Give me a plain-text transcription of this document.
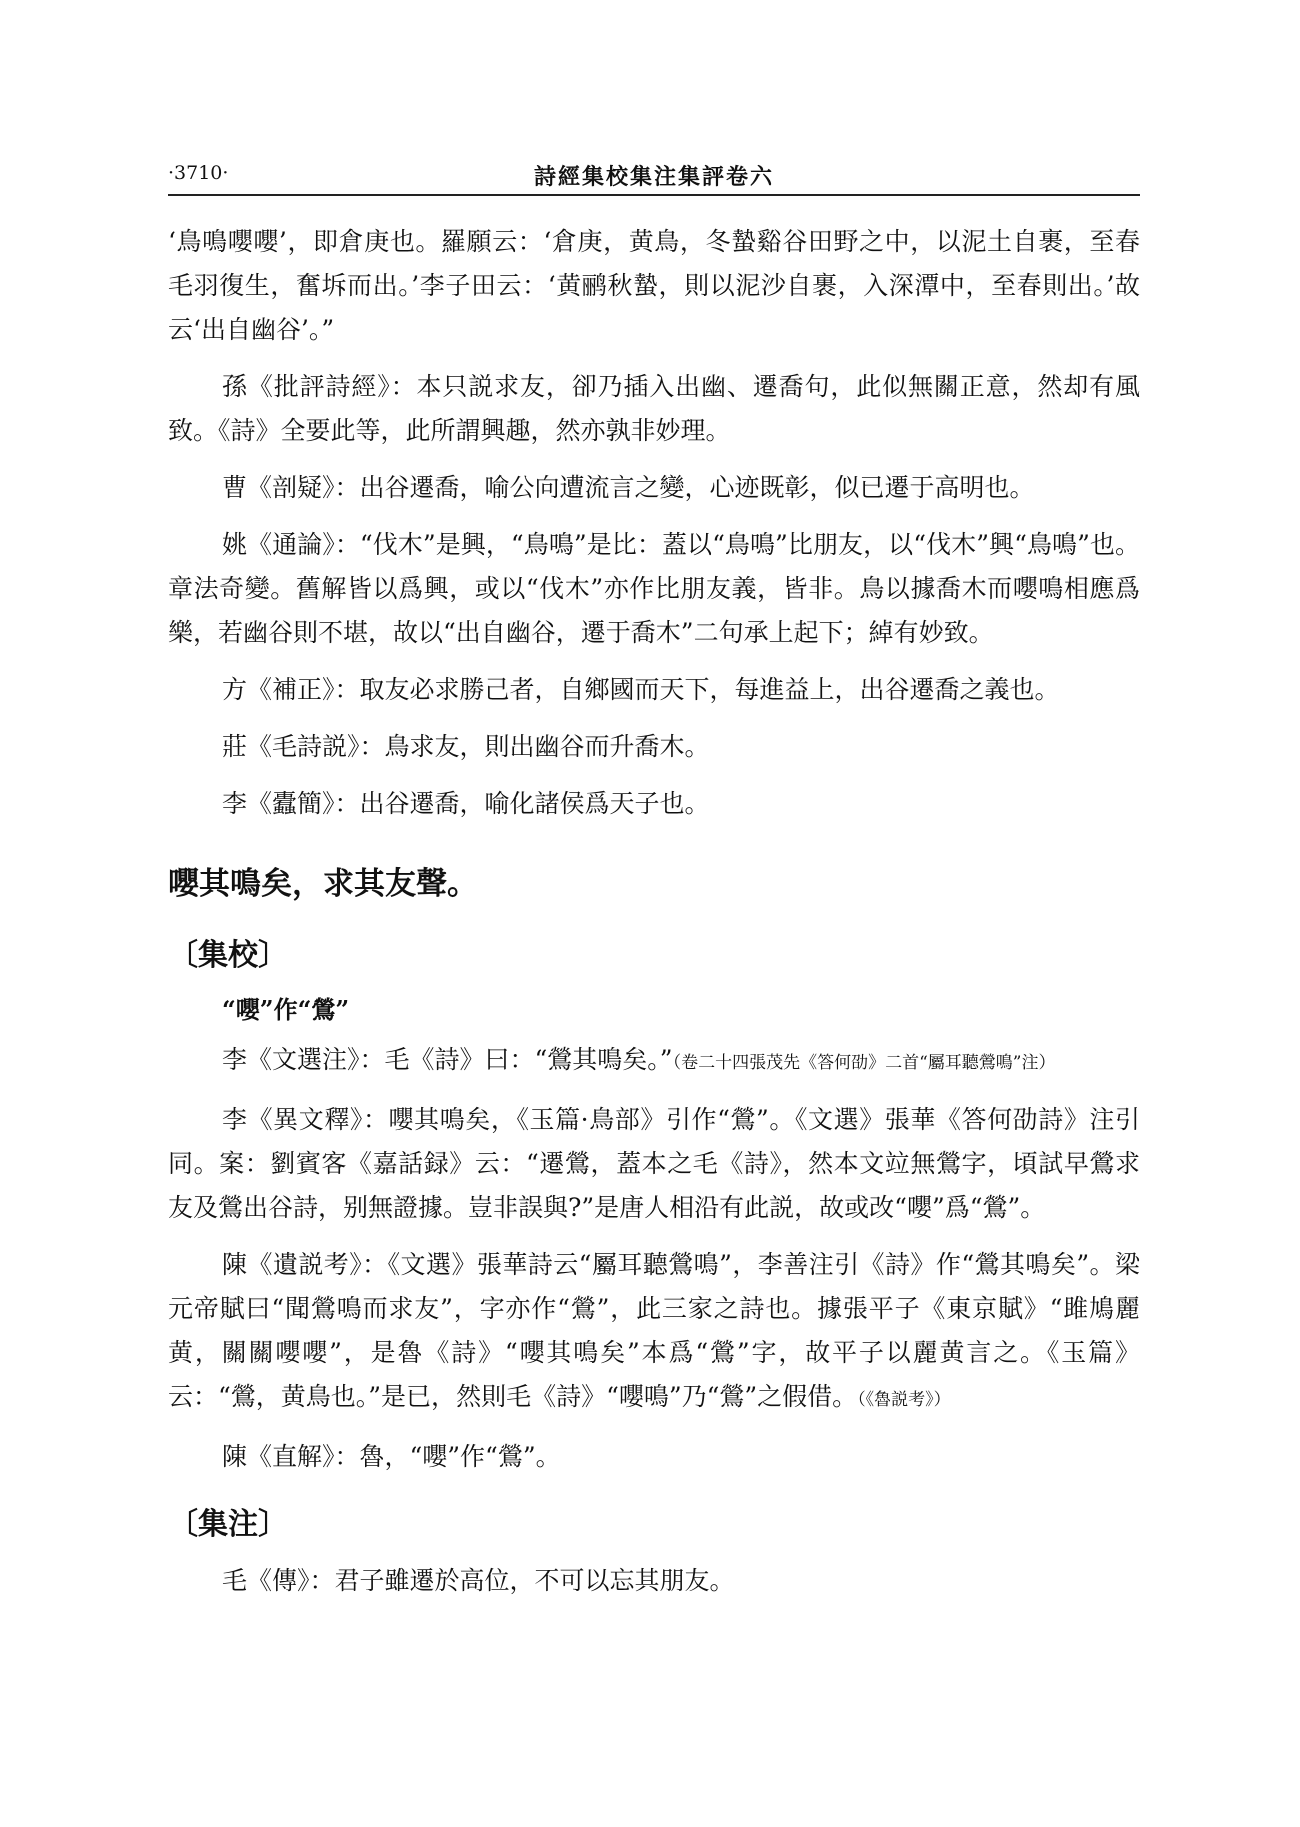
·3710·	詩經集校集注集評卷六

‘鳥鳴嚶嚶’，即倉庚也。羅願云：‘倉庚，黄鳥，冬蟄谿谷田野之中，以泥土自裹，至春毛羽復生，奮坼而出。’李子田云：‘黄鹂秋蟄，則以泥沙自裹，入深潭中，至春則出。’故云‘出自幽谷’。”

孫《批評詩經》：本只説求友，卻乃插入出幽、遷喬句，此似無關正意，然却有風致。《詩》全要此等，此所謂興趣，然亦孰非妙理。

曹《剖疑》：出谷遷喬，喻公向遭流言之變，心迹既彰，似已遷于高明也。

姚《通論》：“伐木”是興，“鳥鳴”是比：蓋以“鳥鳴”比朋友，以“伐木”興“鳥鳴”也。章法奇變。舊解皆以爲興，或以“伐木”亦作比朋友義，皆非。鳥以據喬木而嚶鳴相應爲樂，若幽谷則不堪，故以“出自幽谷，遷于喬木”二句承上起下；綽有妙致。

方《補正》：取友必求勝己者，自鄉國而天下，每進益上，出谷遷喬之義也。

莊《毛詩説》：鳥求友，則出幽谷而升喬木。

李《蠹簡》：出谷遷喬，喻化諸侯爲天子也。

嚶其鳴矣，求其友聲。
〔集校〕

“嚶”作“鶯”

李《文選注》：毛《詩》曰：“鶯其鳴矣。”（卷二十四張茂先《答何劭》二首“屬耳聽鶯鳴”注）

李《異文釋》：嚶其鳴矣，《玉篇·鳥部》引作“鶯”。《文選》張華《答何劭詩》注引同。案：劉賓客《嘉話録》云：“遷鶯，蓋本之毛《詩》，然本文竝無鶯字，頃試早鶯求友及鶯出谷詩，别無證據。豈非誤與?”是唐人相沿有此説，故或改“嚶”爲“鶯”。

陳《遺説考》：《文選》張華詩云“屬耳聽鶯鳴”，李善注引《詩》作“鶯其鳴矣”。梁元帝賦曰“聞鶯鳴而求友”，字亦作“鶯”，此三家之詩也。據張平子《東京賦》“雎鳩麗黄，關關嚶嚶”，是魯《詩》“嚶其鳴矣”本爲“鶯”字，故平子以麗黄言之。《玉篇》云：“鶯，黄鳥也。”是已，然則毛《詩》“嚶鳴”乃“鶯”之假借。（《魯説考》）

陳《直解》：魯，“嚶”作“鶯”。

〔集注〕

毛《傳》：君子雖遷於高位，不可以忘其朋友。
